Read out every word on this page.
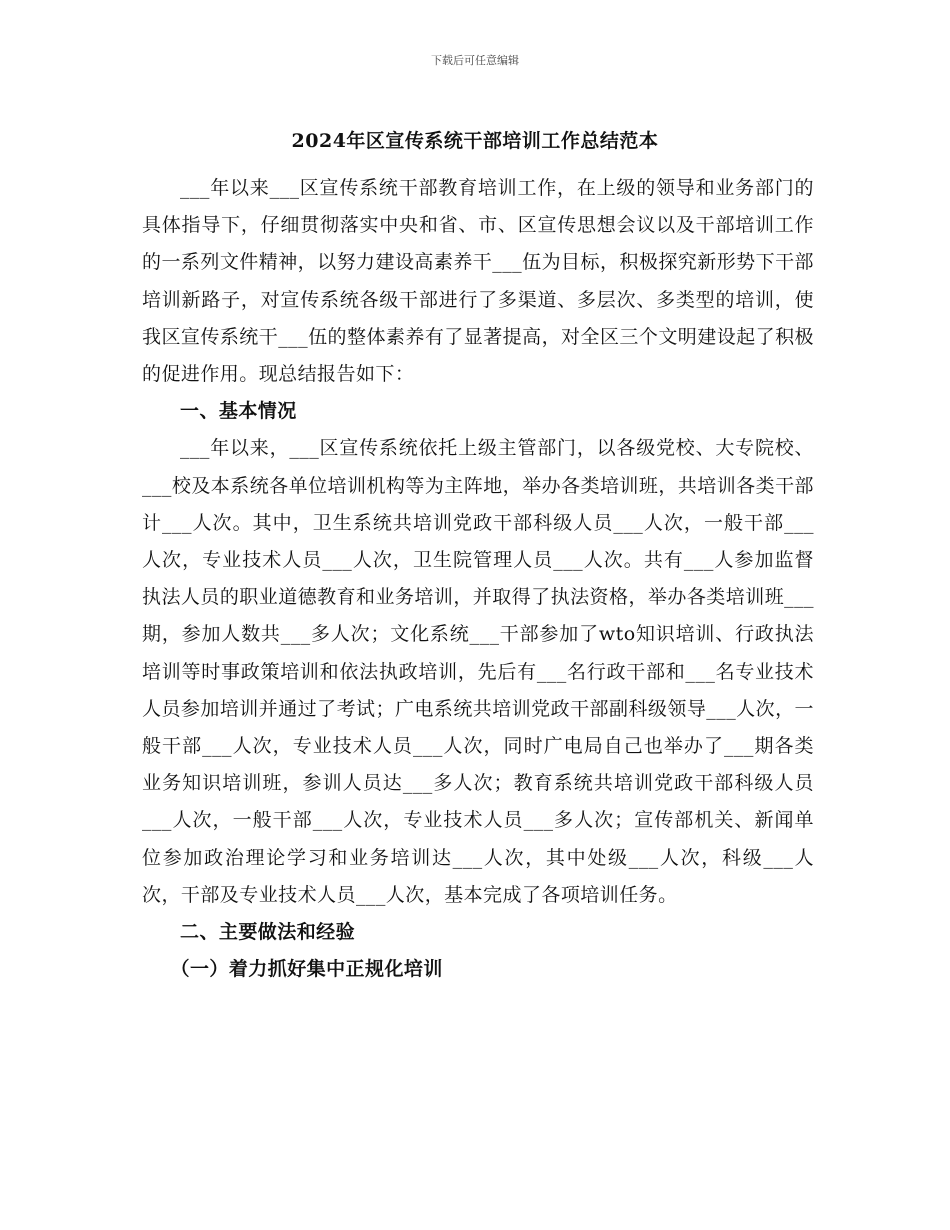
下载后可任意编辑
2024年区宣传系统干部培训工作总结范本

___年以来___区宣传系统干部教育培训工作，在上级的领导和业务部门的具体指导下，仔细贯彻落实中央和省、市、区宣传思想会议以及干部培训工作的一系列文件精神，以努力建设高素养干___伍为目标，积极探究新形势下干部培训新路子，对宣传系统各级干部进行了多渠道、多层次、多类型的培训，使我区宣传系统干___伍的整体素养有了显著提高，对全区三个文明建设起了积极的促进作用。现总结报告如下：

一、基本情况

___年以来，___区宣传系统依托上级主管部门，以各级党校、大专院校、___校及本系统各单位培训机构等为主阵地，举办各类培训班，共培训各类干部计___人次。其中，卫生系统共培训党政干部科级人员___人次，一般干部___人次，专业技术人员___人次，卫生院管理人员___人次。共有___人参加监督执法人员的职业道德教育和业务培训，并取得了执法资格，举办各类培训班___期，参加人数共___多人次；文化系统___干部参加了wto知识培训、行政执法培训等时事政策培训和依法执政培训，先后有___名行政干部和___名专业技术人员参加培训并通过了考试；广电系统共培训党政干部副科级领导___人次，一般干部___人次，专业技术人员___人次，同时广电局自己也举办了___期各类业务知识培训班，参训人员达___多人次；教育系统共培训党政干部科级人员___人次，一般干部___人次，专业技术人员___多人次；宣传部机关、新闻单位参加政治理论学习和业务培训达___人次，其中处级___人次，科级___人次，干部及专业技术人员___人次，基本完成了各项培训任务。

二、主要做法和经验

（一）着力抓好集中正规化培训
